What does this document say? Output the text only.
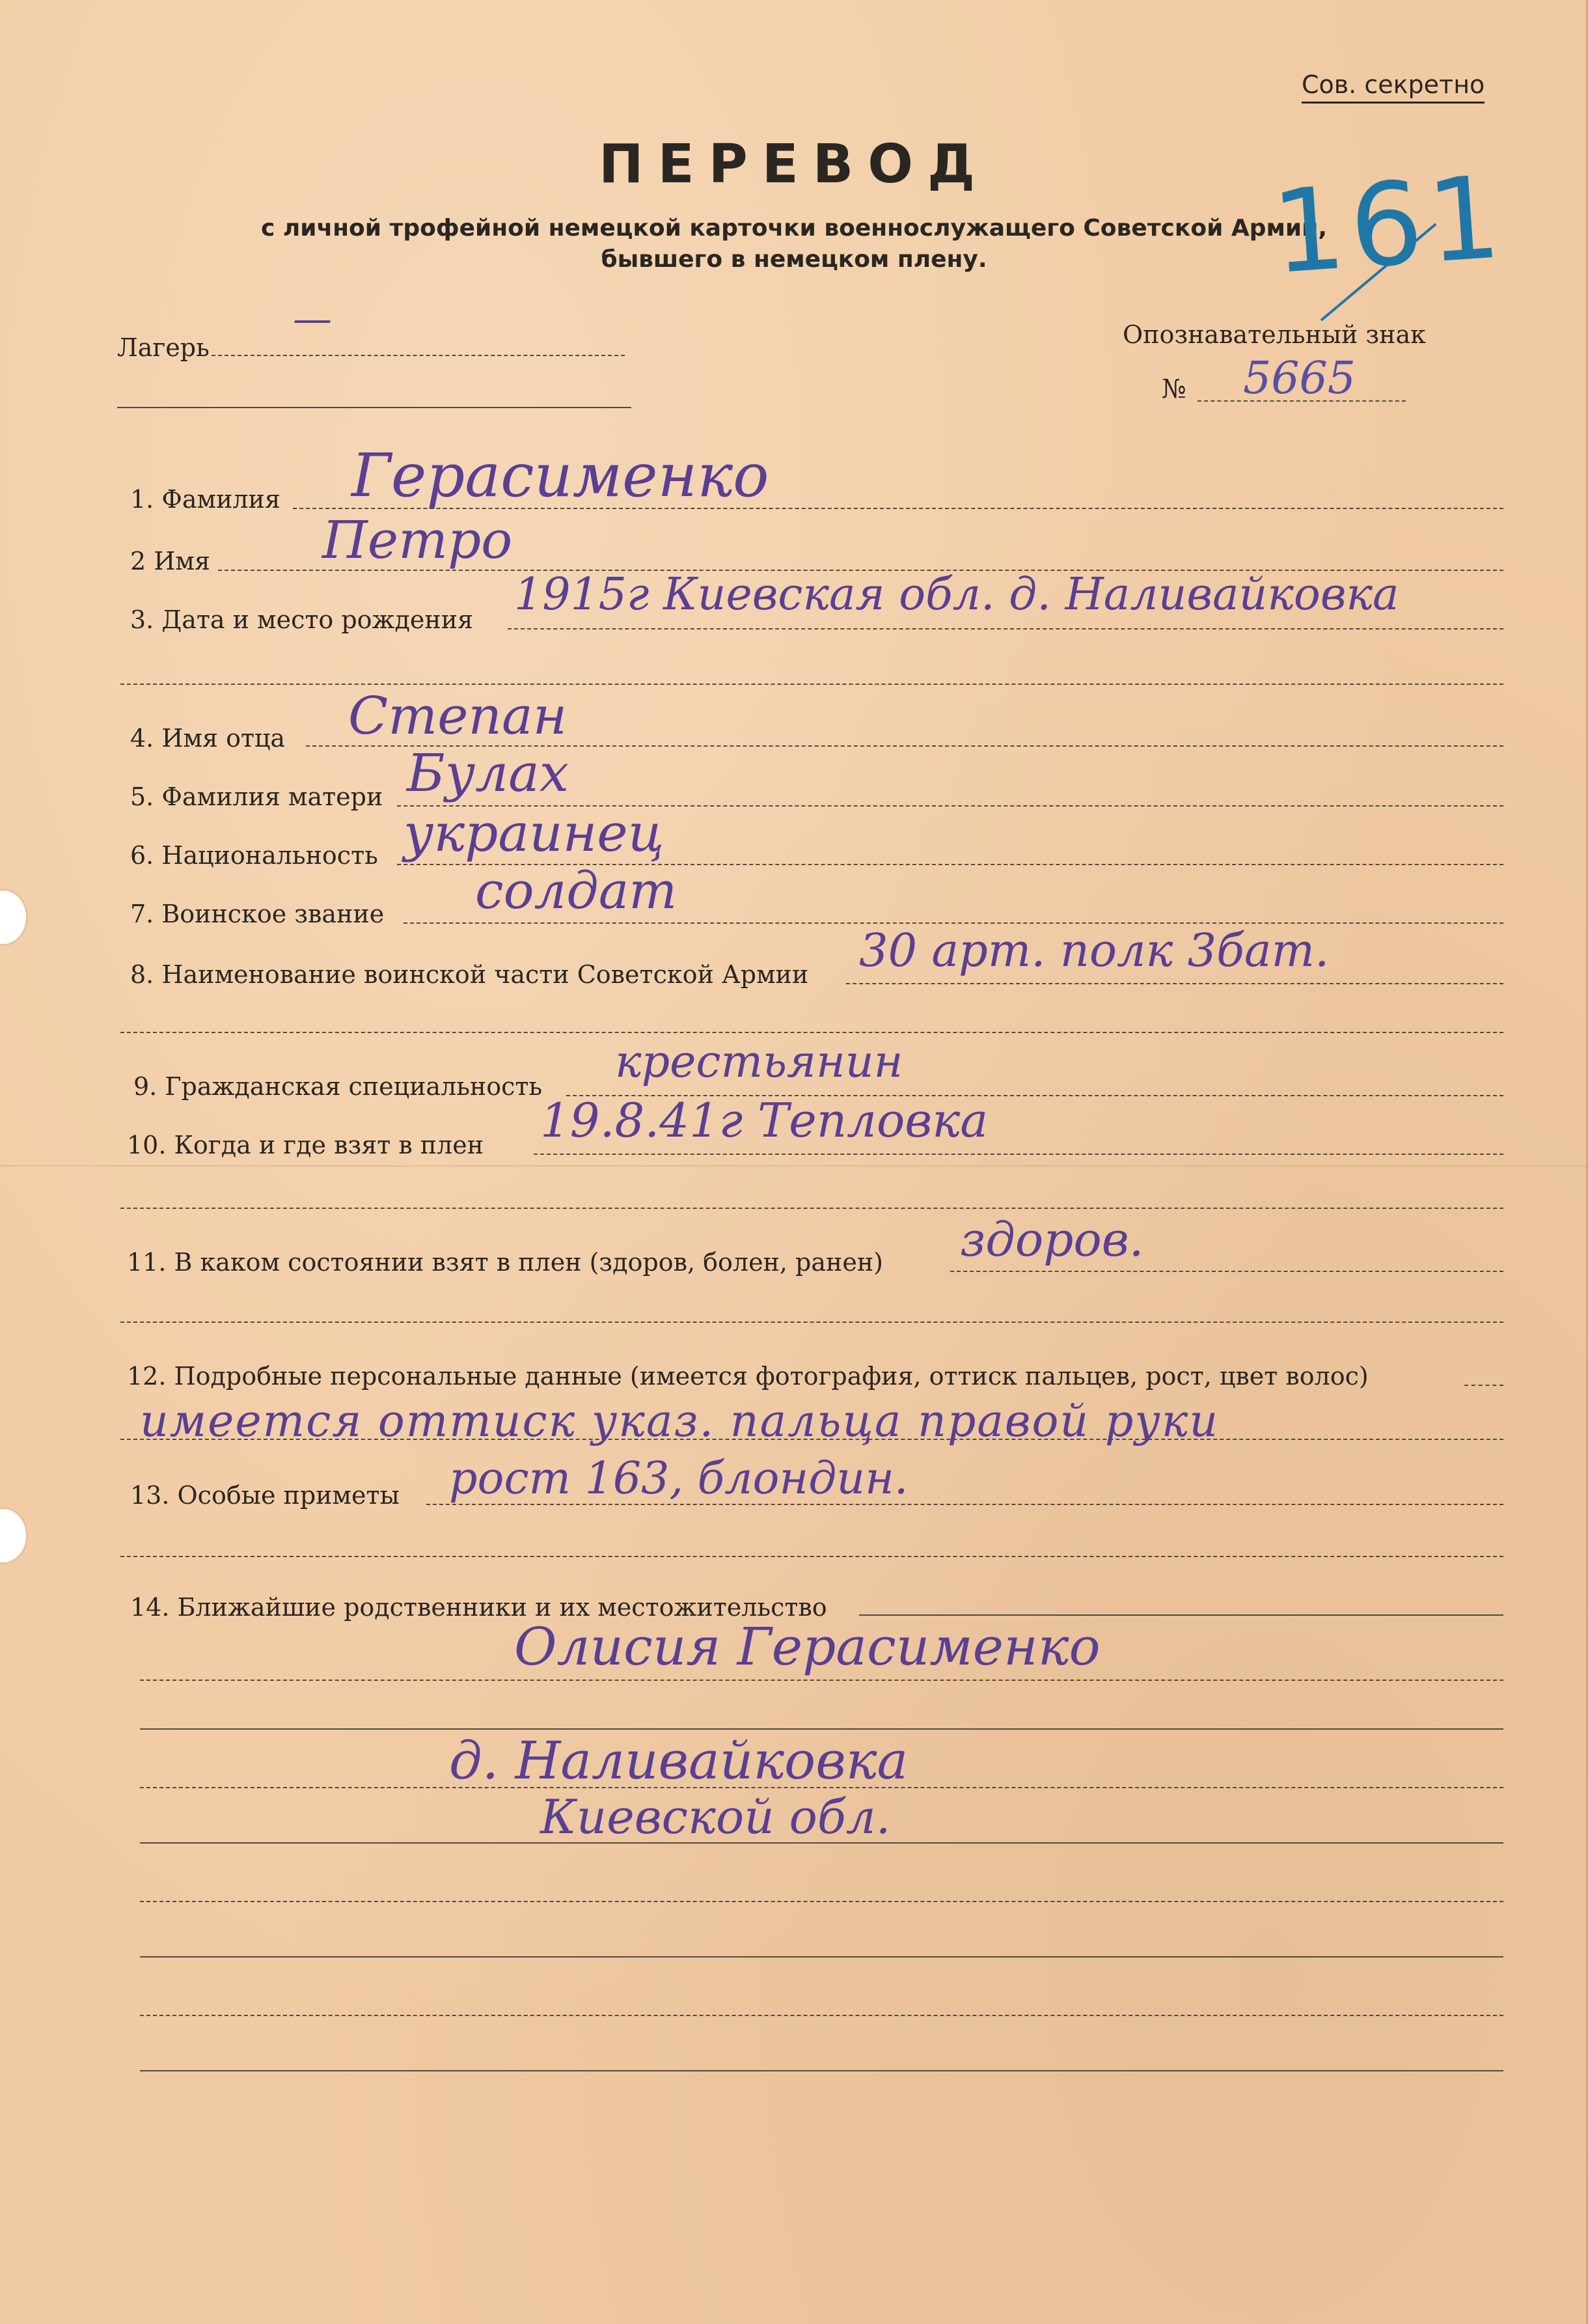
Сов. секретно
ПЕРЕВОД
с личной трофейной немецкой карточки военнослужащего Советской Армии,
бывшего в немецком плену.	161
Лагерь
—	Опознавательный знак
№ 5665
1. Фамилия Герасименко
2 Имя Петро
3. Дата и место рождения 1915г Киевская обл. д. Наливайковка
4. Имя отца Степан
5. Фамилия матери Булах
6. Национальность украинец
7. Воинское звание солдат
8. Наименование воинской части Советской Армии 30 арт. полк 3бат.
9. Гражданская специальность крестьянин
10. Когда и где взят в плен 19.8.41г Тепловка
11. В каком состоянии взят в плен (здоров, болен, ранен) здоров.
12. Подробные персональные данные (имеется фотография, оттиск пальцев, рост, цвет волос)
имеется оттиск указ. пальца правой руки
13. Особые приметы рост 163, блондин.
14. Ближайшие родственники и их местожительство
Олисия Герасименко
д. Наливайковка
Киевской обл.
